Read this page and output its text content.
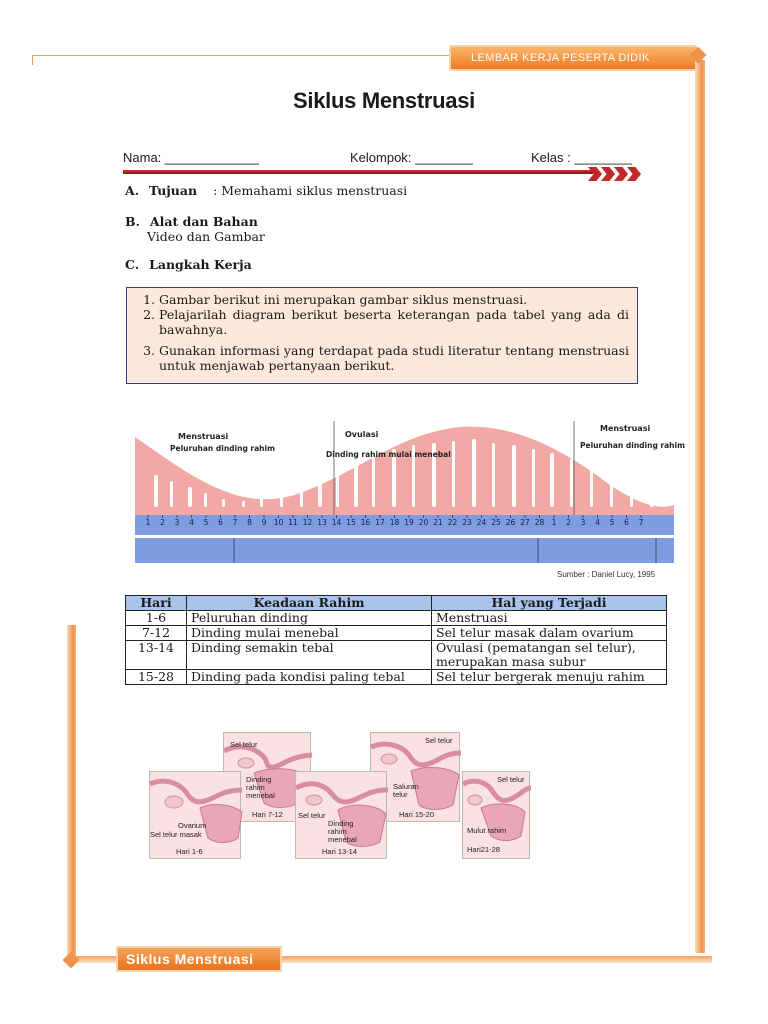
LEMBAR KERJA PESERTA DIDIK
Siklus Menstruasi
Siklus Menstruasi
Nama: _____________	Kelompok: ________	Kelas : ________
A. Tujuan : Memahami siklus menstruasi
B. Alat dan Bahan
Video dan Gambar
C. Langkah Kerja
1. Gambar berikut ini merupakan gambar siklus menstruasi.
2. Pelajarilah diagram berikut beserta keterangan pada tabel yang ada di bawahnya.
3. Gunakan informasi yang terdapat pada studi literatur tentang menstruasi untuk menjawab pertanyaan berikut.
1 2 3 4 5 6 7 8 9 10 11 12 13 14 15 16 17 18 19 20 21 22 23 24 25 26 27 28 1 2 3 4 5 6 7
Menstruasi
Peluruhan dinding rahim
Ovulasi
Dinding rahim mulai menebal
Menstruasi
Peluruhan dinding rahim
Sumber : Daniel Lucy, 1995
Hari	Keadaan Rahim	Hal yang Terjadi
1-6	Peluruhan dinding	Menstruasi
7-12	Dinding mulai menebal	Sel telur masak dalam ovarium
13-14	Dinding semakin tebal	Ovulasi (pematangan sel telur), merupakan masa subur
15-28	Dinding pada kondisi paling tebal	Sel telur bergerak menuju rahim
Sel telur
Dinding rahim menebal
Hari 7-12
Sel telur
Saluran telur
Hari 15-20
Ovarium
Sel telur masak
Hari 1-6
Sel telur
Dinding rahim menebal
Hari 13-14
Sel telur
Mulut rahim
Hari21-28
